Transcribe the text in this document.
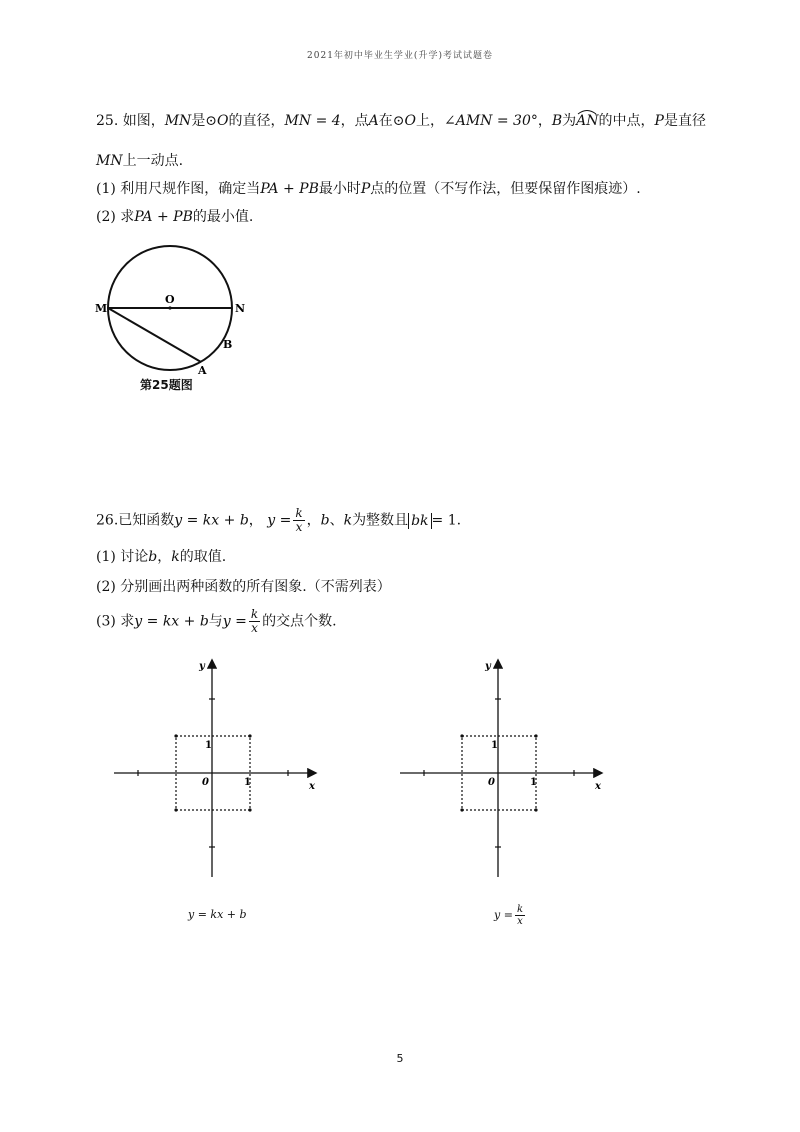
2021年初中毕业生学业(升学)考试试题卷
25. 如图，MN是⊙O的直径，MN = 4，点A在⊙O上，∠AMN = 30°，B为
AN的中点，P是直径
MN上一动点.
(1) 利用尺规作图，确定当PA + PB最小时P点的位置（不写作法，但要保留作图痕迹）.
(2) 求PA + PB的最小值.
M	N
O
A
B
第25题图
26.已知函数y = kx + b， $y = \frac{k}{x}$ ，b、k为整数且 bk = 1.
(1) 讨论b，k的取值.
(2) 分别画出两种函数的所有图象.（不需列表）
(3) 求y = kx + b与$y = \frac{k}{x}$ 的交点个数.
y
x
0
1
1
y = kx + b
y
x
0
1
1
$y = \frac{k}{x}$
5
